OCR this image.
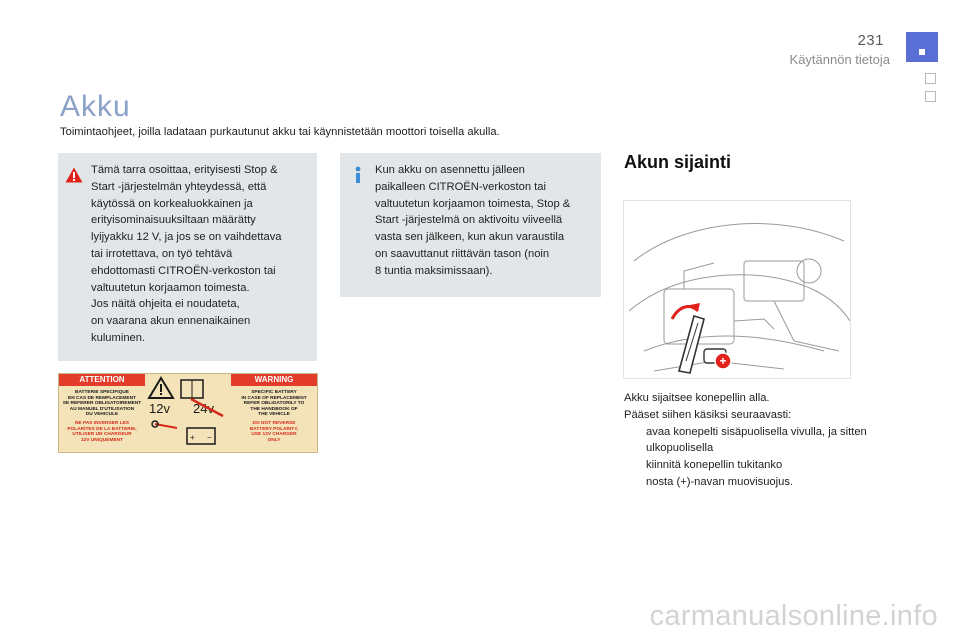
231
Käytännön tietoja
Akku
Toimintaohjeet, joilla ladataan purkautunut akku tai käynnistetään moottori toisella akulla.

Tämä tarra osoittaa, erityisesti Stop &
Start -järjestelmän yhteydessä, että
käytössä on korkealuokkainen ja
erityisominaisuuksiltaan määrätty
lyijyakku 12 V, ja jos se on vaihdettava
tai irrotettava, on työ tehtävä
ehdottomasti CITROËN-verkoston tai
valtuutetun korjaamon toimesta.
Jos näitä ohjeita ei noudateta,
on vaarana akun ennenaikainen
kuluminen.

Kun akku on asennettu jälleen
paikalleen CITROËN-verkoston tai
valtuutetun korjaamon toimesta, Stop &
Start -järjestelmä on aktivoitu viiveellä
vasta sen jälkeen, kun akun varaustila
on saavuttanut riittävän tason (noin
8 tuntia maksimissaan).

ATTENTION	WARNING

BATTERIE SPECIFIQUE
EN CAS DE REMPLACEMENT
SE REFERER OBLIGATOIREMENT
AU MANUEL D'UTILISATION
DU VEHICULE

NE PAS INVERSER LES
POLARITES DE LA BATTERIE,
UTILISER UN CHARGEUR
12V UNIQUEMENT

SPECIFIC BATTERY
IN CASE OF REPLACEMENT
REFER OBLIGATORILY TO
THE HANDBOOK OF
THE VEHICLE

DO NOT REVERSE
BATTERY POLARITY,
USE 12V CHARGER
ONLY

12v 24v
+ −
Akun sijainti
+

Akku sijaitsee konepellin alla.

Pääset siihen käsiksi seuraavasti:

avaa konepelti sisäpuolisella vivulla, ja sitten ulkopuolisella
kiinnitä konepellin tukitanko
nosta (+)-navan muovisuojus.
carmanualsonline.info
